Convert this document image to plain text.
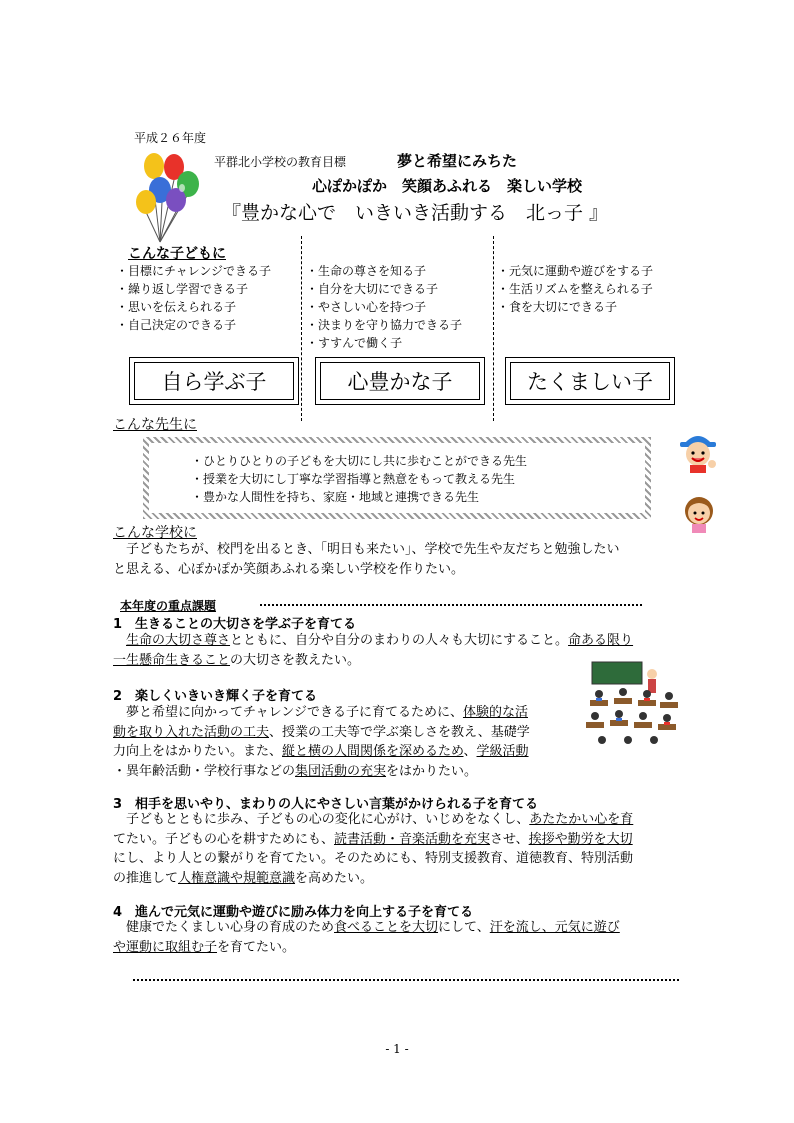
平成２６年度
平群北小学校の教育目標	夢と希望にみちた
心ぽかぽか　笑顔あふれる　楽しい学校
『豊かな心で　いきいき活動する　北っ子 』
こんな子どもに
・目標にチャレンジできる子
・繰り返し学習できる子
・思いを伝えられる子
・自己決定のできる子
・生命の尊さを知る子
・自分を大切にできる子
・やさしい心を持つ子
・決まりを守り協力できる子
・すすんで働く子
・元気に運動や遊びをする子
・生活リズムを整えられる子
・食を大切にできる子
自ら学ぶ子	心豊かな子	たくましい子
こんな先生に
・ひとりひとりの子どもを大切にし共に歩むことができる先生
・授業を大切にし丁寧な学習指導と熱意をもって教える先生
・豊かな人間性を持ち、家庭・地域と連携できる先生
こんな学校に
　子どもたちが、校門を出るとき、「明日も来たい」、学校で先生や友だちと勉強したい
と思える、心ぽかぽか笑顔あふれる楽しい学校を作りたい。
本年度の重点課題
1　生きることの大切さを学ぶ子を育てる
　生命の大切さ尊さとともに、自分や自分のまわりの人々も大切にすること。命ある限り
一生懸命生きることの大切さを教えたい。
2　楽しくいきいき輝く子を育てる
　夢と希望に向かってチャレンジできる子に育てるために、体験的な活
動を取り入れた活動の工夫、授業の工夫等で学ぶ楽しさを教え、基礎学
力向上をはかりたい。また、縦と横の人間関係を深めるため、学級活動
・異年齢活動・学校行事などの集団活動の充実をはかりたい。
3　相手を思いやり、まわりの人にやさしい言葉がかけられる子を育てる
　子どもとともに歩み、子どもの心の変化に心がけ、いじめをなくし、あたたかい心を育
てたい。子どもの心を耕すためにも、読書活動・音楽活動を充実させ、挨拶や勤労を大切
にし、より人との繋がりを育てたい。そのためにも、特別支援教育、道徳教育、特別活動
の推進して人権意識や規範意識を高めたい。
4　進んで元気に運動や遊びに励み体力を向上する子を育てる
　健康でたくましい心身の育成のため食べることを大切にして、汗を流し、元気に遊び
や運動に取組む子を育てたい。
- 1 -
